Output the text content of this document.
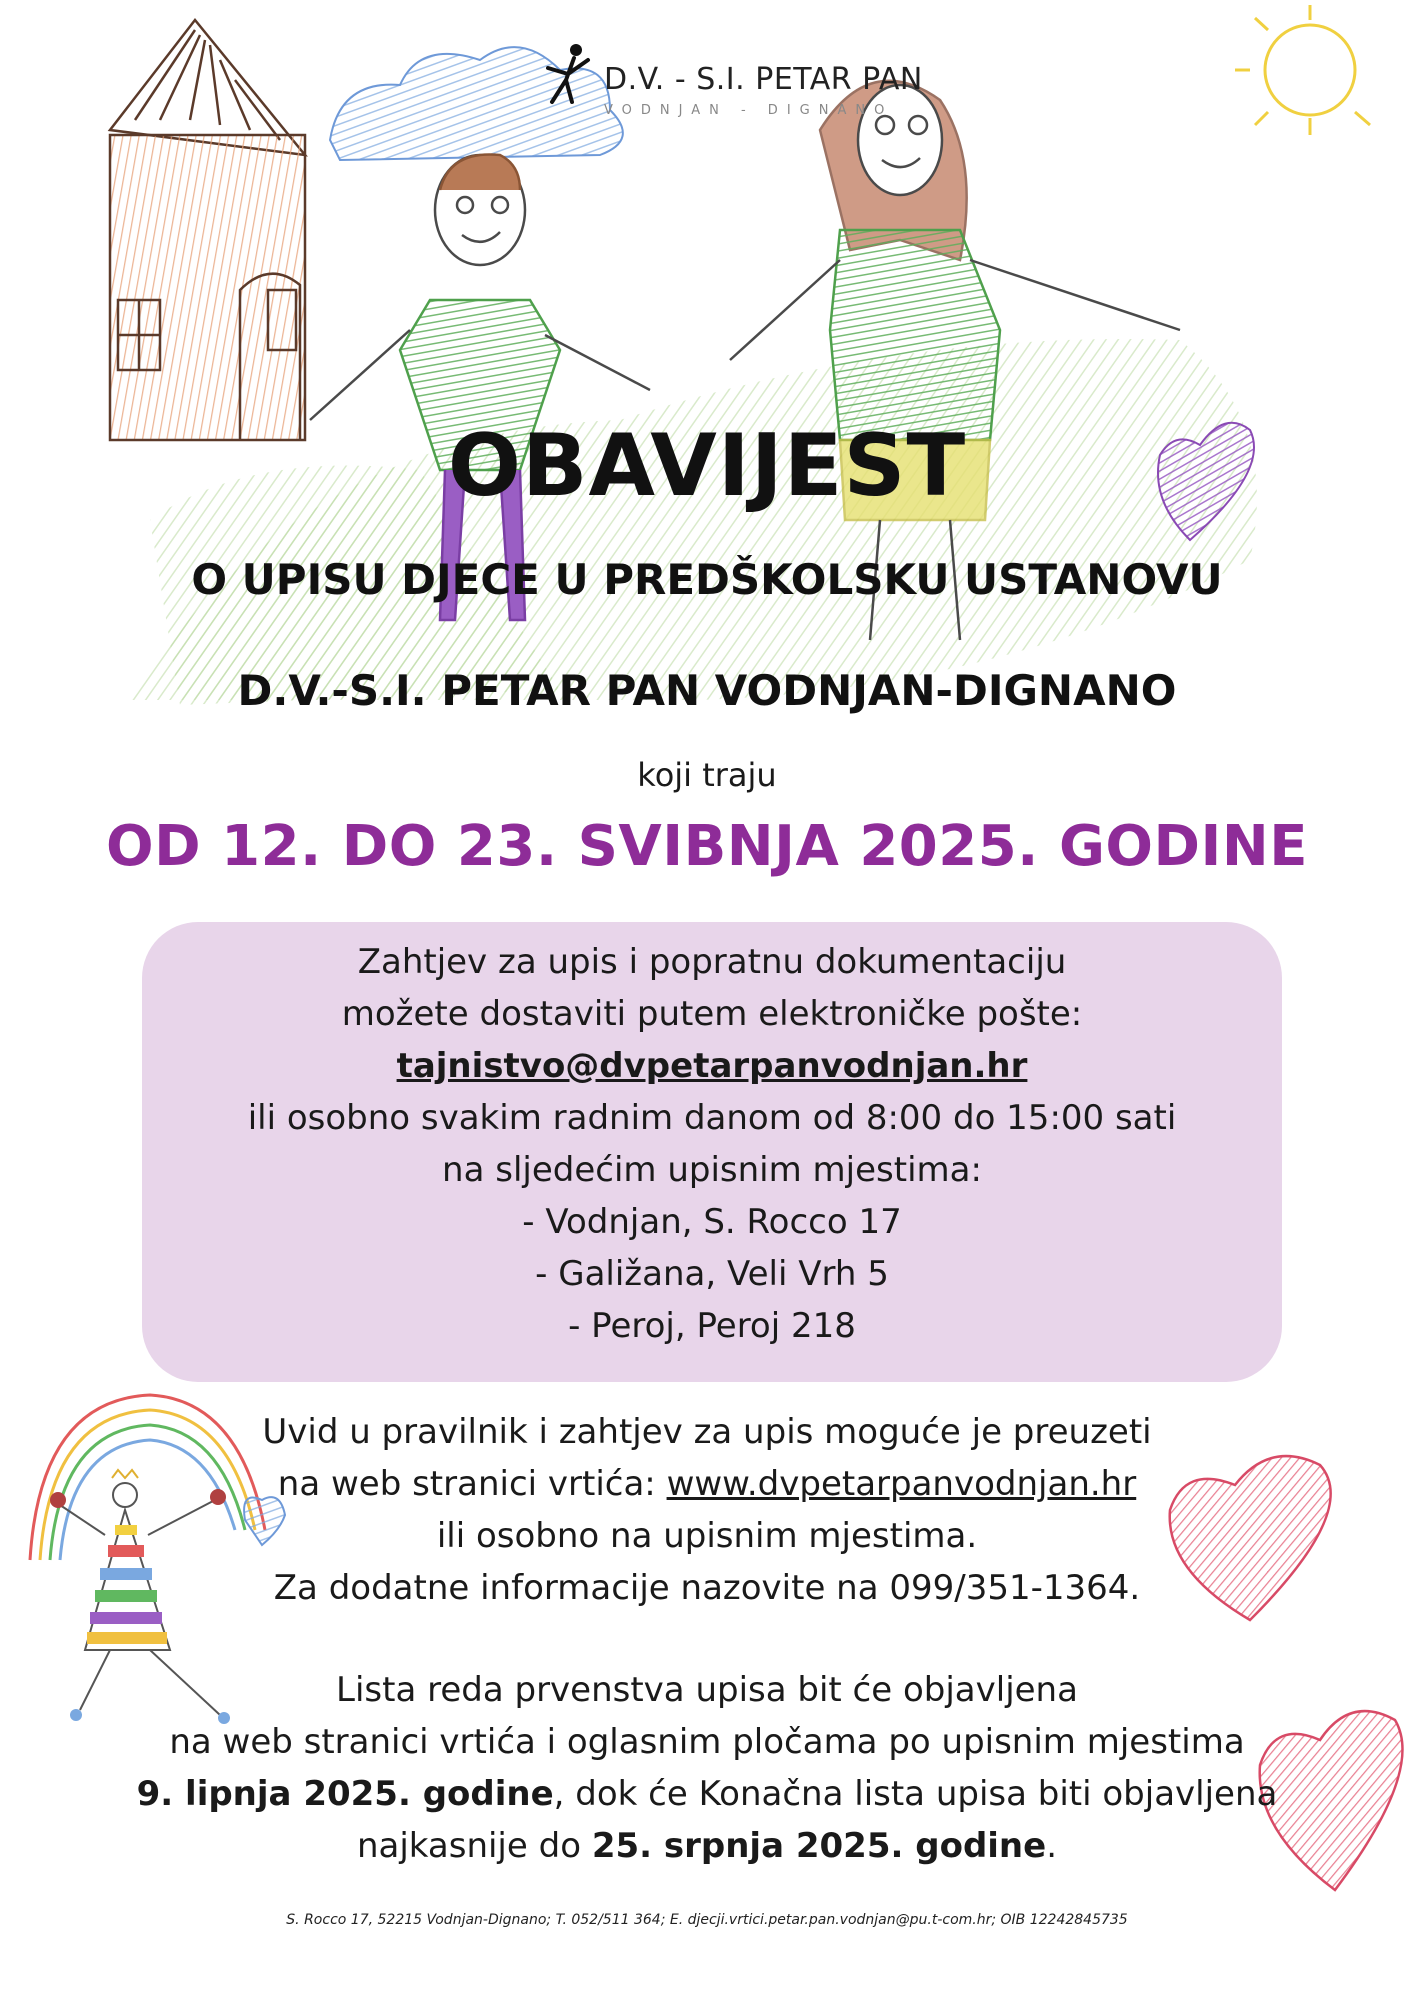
D.V. - S.I. PETAR PAN
VODNJAN - DIGNANO
OBAVIJEST
O UPISU DJECE U PREDŠKOLSKU USTANOVU
D.V.-S.I. PETAR PAN VODNJAN-DIGNANO
koji traju
OD 12. DO 23. SVIBNJA 2025. GODINE
Zahtjev za upis i popratnu dokumentaciju
možete dostaviti putem elektroničke pošte:
tajnistvo@dvpetarpanvodnjan.hr
ili osobno svakim radnim danom od 8:00 do 15:00 sati
na sljedećim upisnim mjestima:
- Vodnjan, S. Rocco 17
- Galižana, Veli Vrh 5
- Peroj, Peroj 218
Uvid u pravilnik i zahtjev za upis moguće je preuzeti
na web stranici vrtića: www.dvpetarpanvodnjan.hr
ili osobno na upisnim mjestima.
Za dodatne informacije nazovite na 099/351-1364.
Lista reda prvenstva upisa bit će objavljena
na web stranici vrtića i oglasnim pločama po upisnim mjestima
9. lipnja 2025. godine, dok će Konačna lista upisa biti objavljena
najkasnije do 25. srpnja 2025. godine.
S. Rocco 17, 52215 Vodnjan-Dignano; T. 052/511 364; E. djecji.vrtici.petar.pan.vodnjan@pu.t-com.hr; OIB 12242845735
